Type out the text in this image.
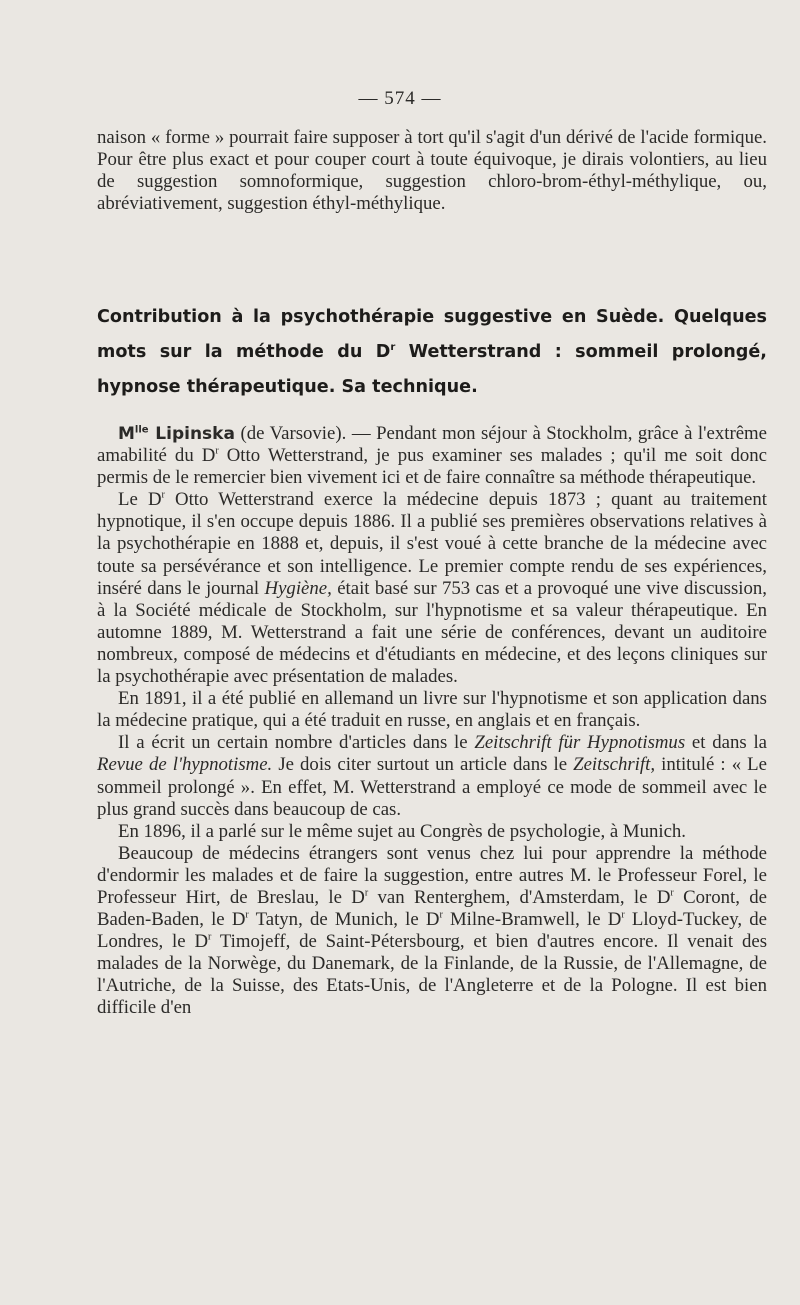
— 574 —
naison « forme » pourrait faire supposer à tort qu'il s'agit d'un dérivé de l'acide formique. Pour être plus exact et pour couper court à toute équivoque, je dirais volontiers, au lieu de suggestion somnoformique, suggestion chloro-brom-éthyl-méthylique, ou, abréviativement, suggestion éthyl-méthylique.
Contribution à la psychothérapie suggestive en Suède. Quelques mots sur la méthode du $D^r$ Wetterstrand : sommeil prolongé, hypnose thérapeutique. Sa technique.

$M^{lle}$ Lipinska (de Varsovie). — Pendant mon séjour à Stockholm, grâce à l'extrême amabilité du $D^r$ Otto Wetterstrand, je pus examiner ses malades ; qu'il me soit donc permis de le remercier bien vivement ici et de faire connaître sa méthode thérapeutique.

Le $D^r$ Otto Wetterstrand exerce la médecine depuis 1873 ; quant au traitement hypnotique, il s'en occupe depuis 1886. Il a publié ses premières observations relatives à la psychothérapie en 1888 et, depuis, il s'est voué à cette branche de la médecine avec toute sa persévérance et son intelligence. Le premier compte rendu de ses expériences, inséré dans le journal Hygiène, était basé sur 753 cas et a provoqué une vive discussion, à la Société médicale de Stockholm, sur l'hypnotisme et sa valeur thérapeutique. En automne 1889, M. Wetterstrand a fait une série de conférences, devant un auditoire nombreux, composé de médecins et d'étudiants en médecine, et des leçons cliniques sur la psychothérapie avec présentation de malades.

En 1891, il a été publié en allemand un livre sur l'hypnotisme et son application dans la médecine pratique, qui a été traduit en russe, en anglais et en français.

Il a écrit un certain nombre d'articles dans le Zeitschrift für Hypnotismus et dans la Revue de l'hypnotisme. Je dois citer surtout un article dans le Zeitschrift, intitulé : « Le sommeil prolongé ». En effet, M. Wetterstrand a employé ce mode de sommeil avec le plus grand succès dans beaucoup de cas.

En 1896, il a parlé sur le même sujet au Congrès de psychologie, à Munich.

Beaucoup de médecins étrangers sont venus chez lui pour apprendre la méthode d'endormir les malades et de faire la suggestion, entre autres M. le Professeur Forel, le Professeur Hirt, de Breslau, le $D^r$ van Renterghem, d'Amsterdam, le $D^r$ Coront, de Baden-Baden, le $D^r$ Tatyn, de Munich, le $D^r$ Milne-Bramwell, le $D^r$ Lloyd-Tuckey, de Londres, le $D^r$ Timojeff, de Saint-Pétersbourg, et bien d'autres encore. Il venait des malades de la Norwège, du Danemark, de la Finlande, de la Russie, de l'Allemagne, de l'Autriche, de la Suisse, des Etats-Unis, de l'Angleterre et de la Pologne. Il est bien difficile d'en
